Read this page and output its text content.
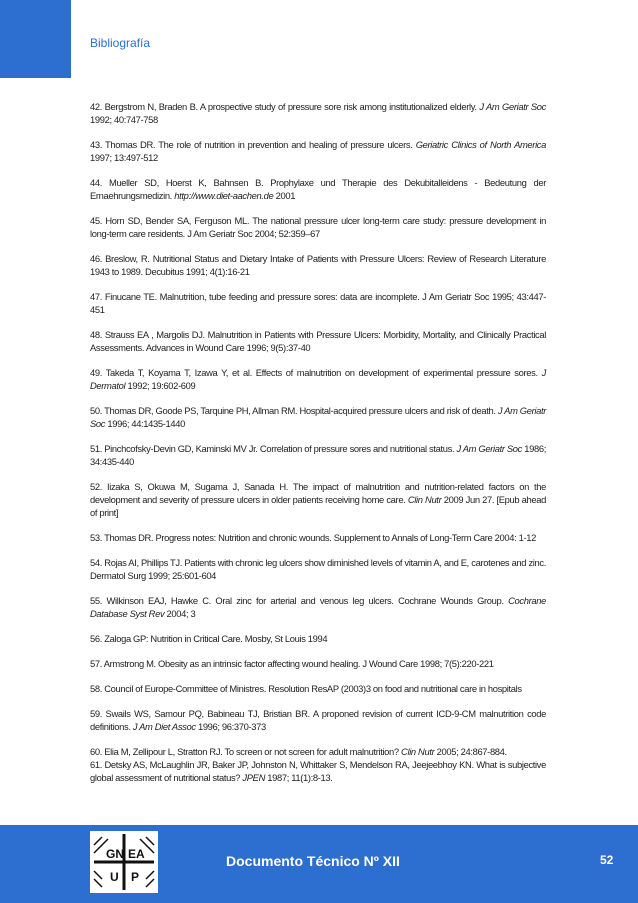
Bibliografía

42. Bergstrom N, Braden B. A prospective study of pressure sore risk among institutionalized elderly. J Am Geriatr Soc 1992; 40:747-758

43. Thomas DR. The role of nutrition in prevention and healing of pressure ulcers. Geriatric Clinics of North America 1997; 13:497-512

44. Mueller SD, Hoerst K, Bahnsen B. Prophylaxe und Therapie des Dekubitalleidens - Bedeutung der Ernaehrungsmedizin. http://www.diet-aachen.de 2001

45. Horn SD, Bender SA, Ferguson ML. The national pressure ulcer long-term care study: pressure development in long-term care residents. J Am Geriatr Soc 2004; 52:359–67

46. Breslow, R. Nutritional Status and Dietary Intake of Patients with Pressure Ulcers: Review of Research Literature 1943 to 1989. Decubitus 1991; 4(1):16-21

47. Finucane TE. Malnutrition, tube feeding and pressure sores: data are incomplete. J Am Geriatr Soc 1995; 43:447-451

48. Strauss EA , Margolis DJ. Malnutrition in Patients with Pressure Ulcers: Morbidity, Mortality, and Clinically Practical Assessments. Advances in Wound Care 1996; 9(5):37-40

49. Takeda T, Koyama T, Izawa Y, et al. Effects of malnutrition on development of experimental pressure sores. J Dermatol 1992; 19:602-609

50. Thomas DR, Goode PS, Tarquine PH, Allman RM. Hospital-acquired pressure ulcers and risk of death. J Am Geriatr Soc 1996; 44:1435-1440

51. Pinchcofsky-Devin GD, Kaminski MV Jr. Correlation of pressure sores and nutritional status. J Am Geriatr Soc 1986; 34:435-440

52. Iizaka S, Okuwa M, Sugama J, Sanada H. The impact of malnutrition and nutrition-related factors on the development and severity of pressure ulcers in older patients receiving home care. Clin Nutr 2009 Jun 27. [Epub ahead of print]

53. Thomas DR. Progress notes: Nutrition and chronic wounds. Supplement to Annals of Long-Term Care 2004: 1-12

54. Rojas AI, Phillips TJ. Patients with chronic leg ulcers show diminished levels of vitamin A, and E, carotenes and zinc. Dermatol Surg 1999; 25:601-604

55. Wilkinson EAJ, Hawke C. Oral zinc for arterial and venous leg ulcers. Cochrane Wounds Group. Cochrane Database Syst Rev 2004; 3

56. Zaloga GP: Nutrition in Critical Care. Mosby, St Louis 1994

57. Armstrong M. Obesity as an intrinsic factor affecting wound healing. J Wound Care 1998; 7(5):220-221

58. Council of Europe-Committee of Ministres. Resolution ResAP (2003)3 on food and nutritional care in hospitals

59. Swails WS, Samour PQ, Babineau TJ, Bristian BR. A proponed revision of current ICD-9-CM malnutrition code definitions. J Am Diet Assoc 1996; 96:370-373

60. Elia M, Zellipour L, Stratton RJ. To screen or not screen for adult malnutrition? Clin Nutr 2005; 24:867-884.

61. Detsky AS, McLaughlin JR, Baker JP, Johnston N, Whittaker S, Mendelson RA, Jeejeebhoy KN. What is subjective global assessment of nutritional status? JPEN 1987; 11(1):8-13.

GN EA
U P
Documento Técnico Nº XII	52
